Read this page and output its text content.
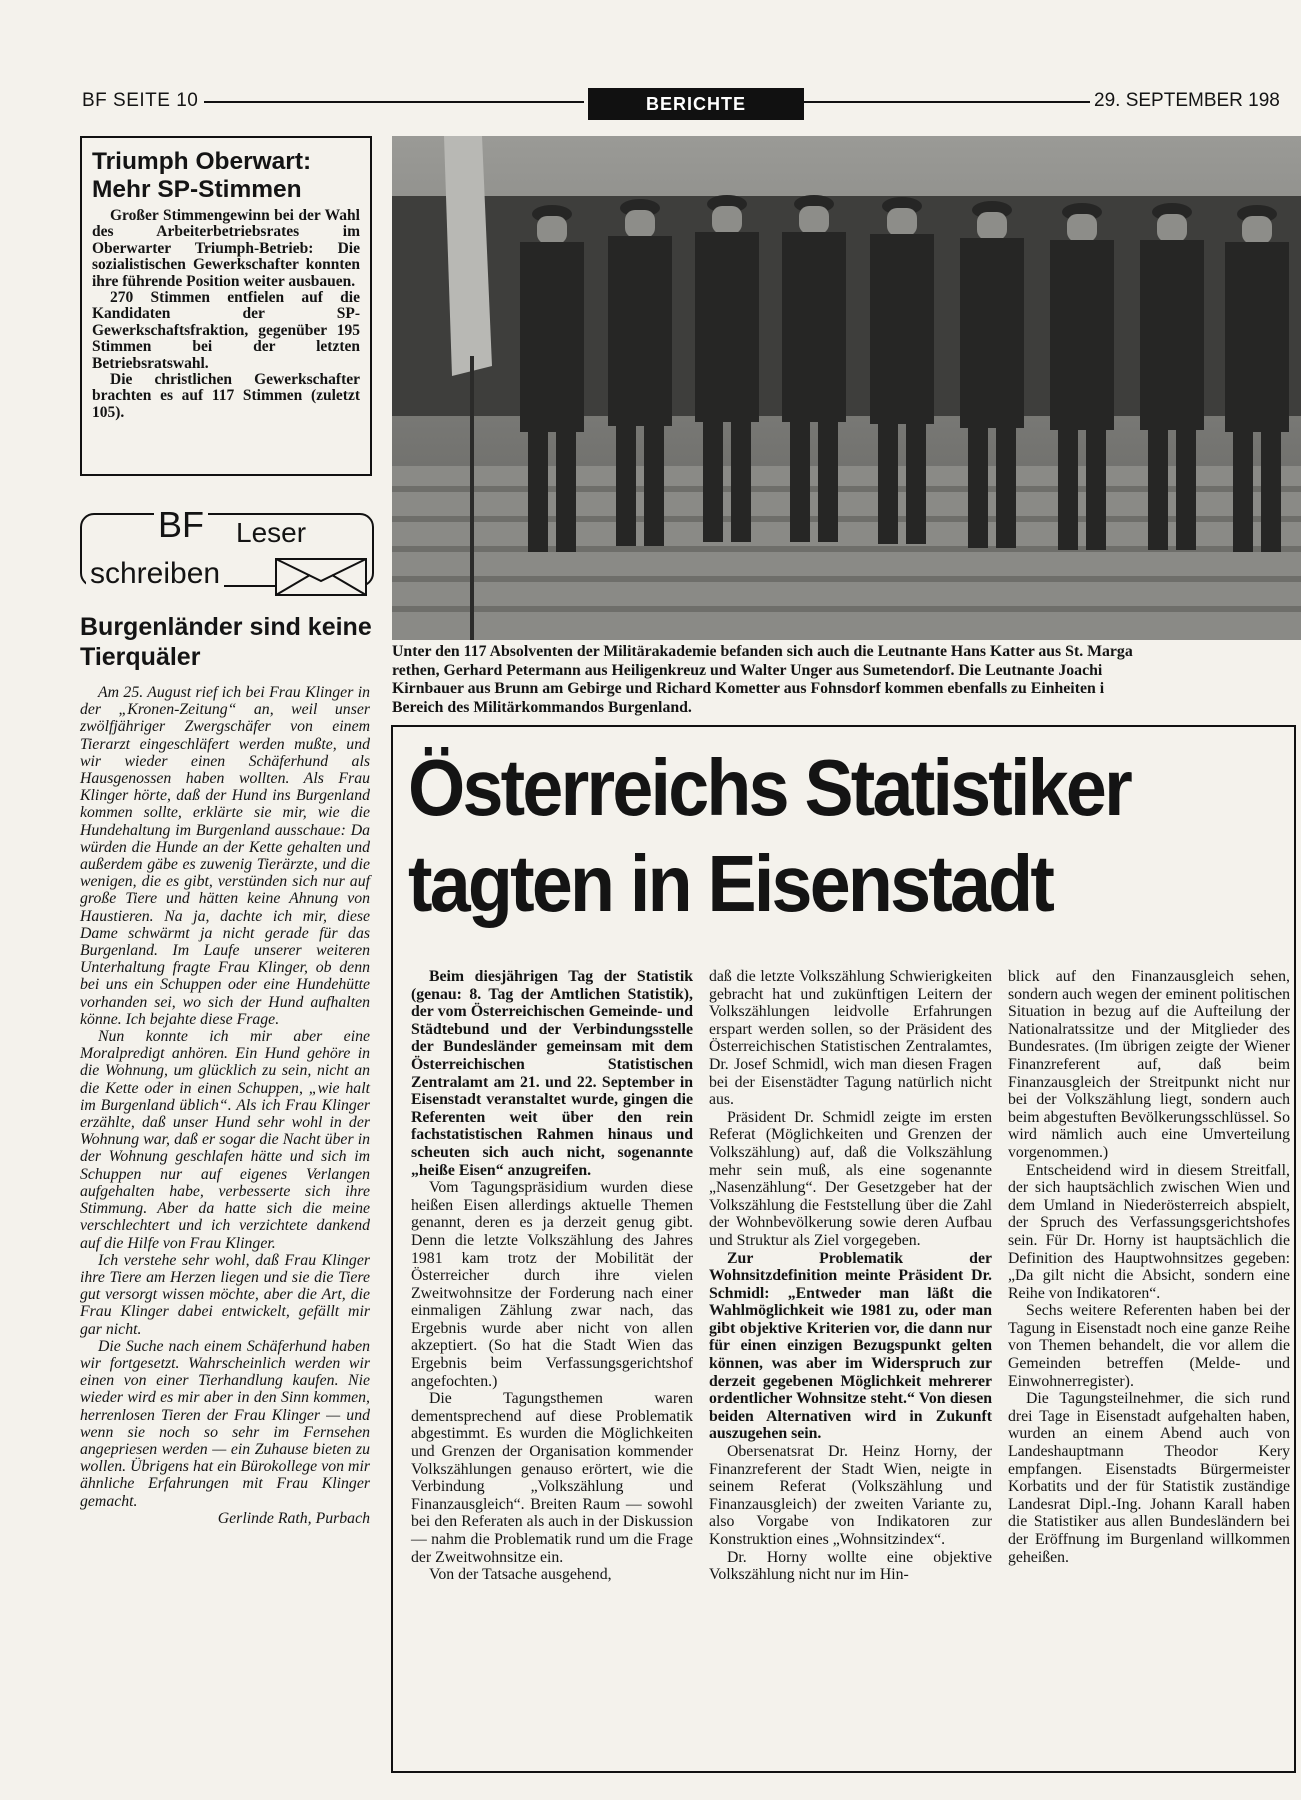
BF SEITE 10	BERICHTE	29. SEPTEMBER 198
Triumph Oberwart: Mehr SP-Stimmen

Großer Stimmengewinn bei der Wahl des Arbeiterbetriebsrates im Oberwarter Triumph-Betrieb: Die sozialistischen Gewerkschafter konnten ihre führende Position weiter ausbauen.

270 Stimmen entfielen auf die Kandidaten der SP-Gewerkschaftsfraktion, gegenüber 195 Stimmen bei der letzten Betriebsratswahl.

Die christlichen Gewerkschafter brachten es auf 117 Stimmen (zuletzt 105).

BF Leser
schreiben
Burgenländer sind keine Tierquäler

Am 25. August rief ich bei Frau Klinger in der „Kronen-Zeitung“ an, weil unser zwölfjähriger Zwergschäfer von einem Tierarzt eingeschläfert werden mußte, und wir wieder einen Schäferhund als Hausgenossen haben wollten. Als Frau Klinger hörte, daß der Hund ins Burgenland kommen sollte, erklärte sie mir, wie die Hundehaltung im Burgenland ausschaue: Da würden die Hunde an der Kette gehalten und außerdem gäbe es zuwenig Tierärzte, und die wenigen, die es gibt, verstünden sich nur auf große Tiere und hätten keine Ahnung von Haustieren. Na ja, dachte ich mir, diese Dame schwärmt ja nicht gerade für das Burgenland. Im Laufe unserer weiteren Unterhaltung fragte Frau Klinger, ob denn bei uns ein Schuppen oder eine Hundehütte vorhanden sei, wo sich der Hund aufhalten könne. Ich bejahte diese Frage.

Nun konnte ich mir aber eine Moralpredigt anhören. Ein Hund gehöre in die Wohnung, um glücklich zu sein, nicht an die Kette oder in einen Schuppen, „wie halt im Burgenland üblich“. Als ich Frau Klinger erzählte, daß unser Hund sehr wohl in der Wohnung war, daß er sogar die Nacht über in der Wohnung geschlafen hätte und sich im Schuppen nur auf eigenes Verlangen aufgehalten habe, verbesserte sich ihre Stimmung. Aber da hatte sich die meine verschlechtert und ich verzichtete dankend auf die Hilfe von Frau Klinger.

Ich verstehe sehr wohl, daß Frau Klinger ihre Tiere am Herzen liegen und sie die Tiere gut versorgt wissen möchte, aber die Art, die Frau Klinger dabei entwickelt, gefällt mir gar nicht.

Die Suche nach einem Schäferhund haben wir fortgesetzt. Wahrscheinlich werden wir einen von einer Tierhandlung kaufen. Nie wieder wird es mir aber in den Sinn kommen, herrenlosen Tieren der Frau Klinger — und wenn sie noch so sehr im Fernsehen angepriesen werden — ein Zuhause bieten zu wollen. Übrigens hat ein Bürokollege von mir ähnliche Erfahrungen mit Frau Klinger gemacht.

Gerlinde Rath, Purbach

Unter den 117 Absolventen der Militärakademie befanden sich auch die Leutnante Hans Katter aus St. Marga
rethen, Gerhard Petermann aus Heiligenkreuz und Walter Unger aus Sumetendorf. Die Leutnante Joachi
Kirnbauer aus Brunn am Gebirge und Richard Kometter aus Fohnsdorf kommen ebenfalls zu Einheiten i
Bereich des Militärkommandos Burgenland.
Österreichs Statistiker
tagten in Eisenstadt

Beim diesjährigen Tag der Statistik (genau: 8. Tag der Amtlichen Statistik), der vom Österreichischen Gemeinde- und Städtebund und der Verbindungsstelle der Bundesländer gemeinsam mit dem Österreichischen Statistischen Zentralamt am 21. und 22. September in Eisenstadt veranstaltet wurde, gingen die Referenten weit über den rein fachstatistischen Rahmen hinaus und scheuten sich auch nicht, sogenannte „heiße Eisen“ anzugreifen.

Vom Tagungspräsidium wurden diese heißen Eisen allerdings aktuelle Themen genannt, deren es ja derzeit genug gibt. Denn die letzte Volkszählung des Jahres 1981 kam trotz der Mobilität der Österreicher durch ihre vielen Zweitwohnsitze der Forderung nach einer einmaligen Zählung zwar nach, das Ergebnis wurde aber nicht von allen akzeptiert. (So hat die Stadt Wien das Ergebnis beim Verfassungsgerichtshof angefochten.)

Die Tagungsthemen waren dementsprechend auf diese Problematik abgestimmt. Es wurden die Möglichkeiten und Grenzen der Organisation kommender Volkszählungen genauso erörtert, wie die Verbindung „Volkszählung und Finanzausgleich“. Breiten Raum — sowohl bei den Referaten als auch in der Diskussion — nahm die Problematik rund um die Frage der Zweitwohnsitze ein.

Von der Tatsache ausgehend,

daß die letzte Volkszählung Schwierigkeiten gebracht hat und zukünftigen Leitern der Volkszählungen leidvolle Erfahrungen erspart werden sollen, so der Präsident des Österreichischen Statistischen Zentralamtes, Dr. Josef Schmidl, wich man diesen Fragen bei der Eisenstädter Tagung natürlich nicht aus.

Präsident Dr. Schmidl zeigte im ersten Referat (Möglichkeiten und Grenzen der Volkszählung) auf, daß die Volkszählung mehr sein muß, als eine sogenannte „Nasenzählung“. Der Gesetzgeber hat der Volkszählung die Feststellung über die Zahl der Wohnbevölkerung sowie deren Aufbau und Struktur als Ziel vorgegeben.

Zur Problematik der Wohnsitzdefinition meinte Präsident Dr. Schmidl: „Entweder man läßt die Wahlmöglichkeit wie 1981 zu, oder man gibt objektive Kriterien vor, die dann nur für einen einzigen Bezugspunkt gelten können, was aber im Widerspruch zur derzeit gegebenen Möglichkeit mehrerer ordentlicher Wohnsitze steht.“ Von diesen beiden Alternativen wird in Zukunft auszugehen sein.

Obersenatsrat Dr. Heinz Horny, der Finanzreferent der Stadt Wien, neigte in seinem Referat (Volkszählung und Finanzausgleich) der zweiten Variante zu, also Vorgabe von Indikatoren zur Konstruktion eines „Wohnsitzindex“.

Dr. Horny wollte eine objektive Volkszählung nicht nur im Hin-

blick auf den Finanzausgleich sehen, sondern auch wegen der eminent politischen Situation in bezug auf die Aufteilung der Nationalratssitze und der Mitglieder des Bundesrates. (Im übrigen zeigte der Wiener Finanzreferent auf, daß beim Finanzausgleich der Streitpunkt nicht nur bei der Volkszählung liegt, sondern auch beim abgestuften Bevölkerungsschlüssel. So wird nämlich auch eine Umverteilung vorgenommen.)

Entscheidend wird in diesem Streitfall, der sich hauptsächlich zwischen Wien und dem Umland in Niederösterreich abspielt, der Spruch des Verfassungsgerichtshofes sein. Für Dr. Horny ist hauptsächlich die Definition des Hauptwohnsitzes gegeben: „Da gilt nicht die Absicht, sondern eine Reihe von Indikatoren“.

Sechs weitere Referenten haben bei der Tagung in Eisenstadt noch eine ganze Reihe von Themen behandelt, die vor allem die Gemeinden betreffen (Melde- und Einwohnerregister).

Die Tagungsteilnehmer, die sich rund drei Tage in Eisenstadt aufgehalten haben, wurden an einem Abend auch von Landeshauptmann Theodor Kery empfangen. Eisenstadts Bürgermeister Korbatits und der für Statistik zuständige Landesrat Dipl.-Ing. Johann Karall haben die Statistiker aus allen Bundesländern bei der Eröffnung im Burgenland willkommen geheißen.
